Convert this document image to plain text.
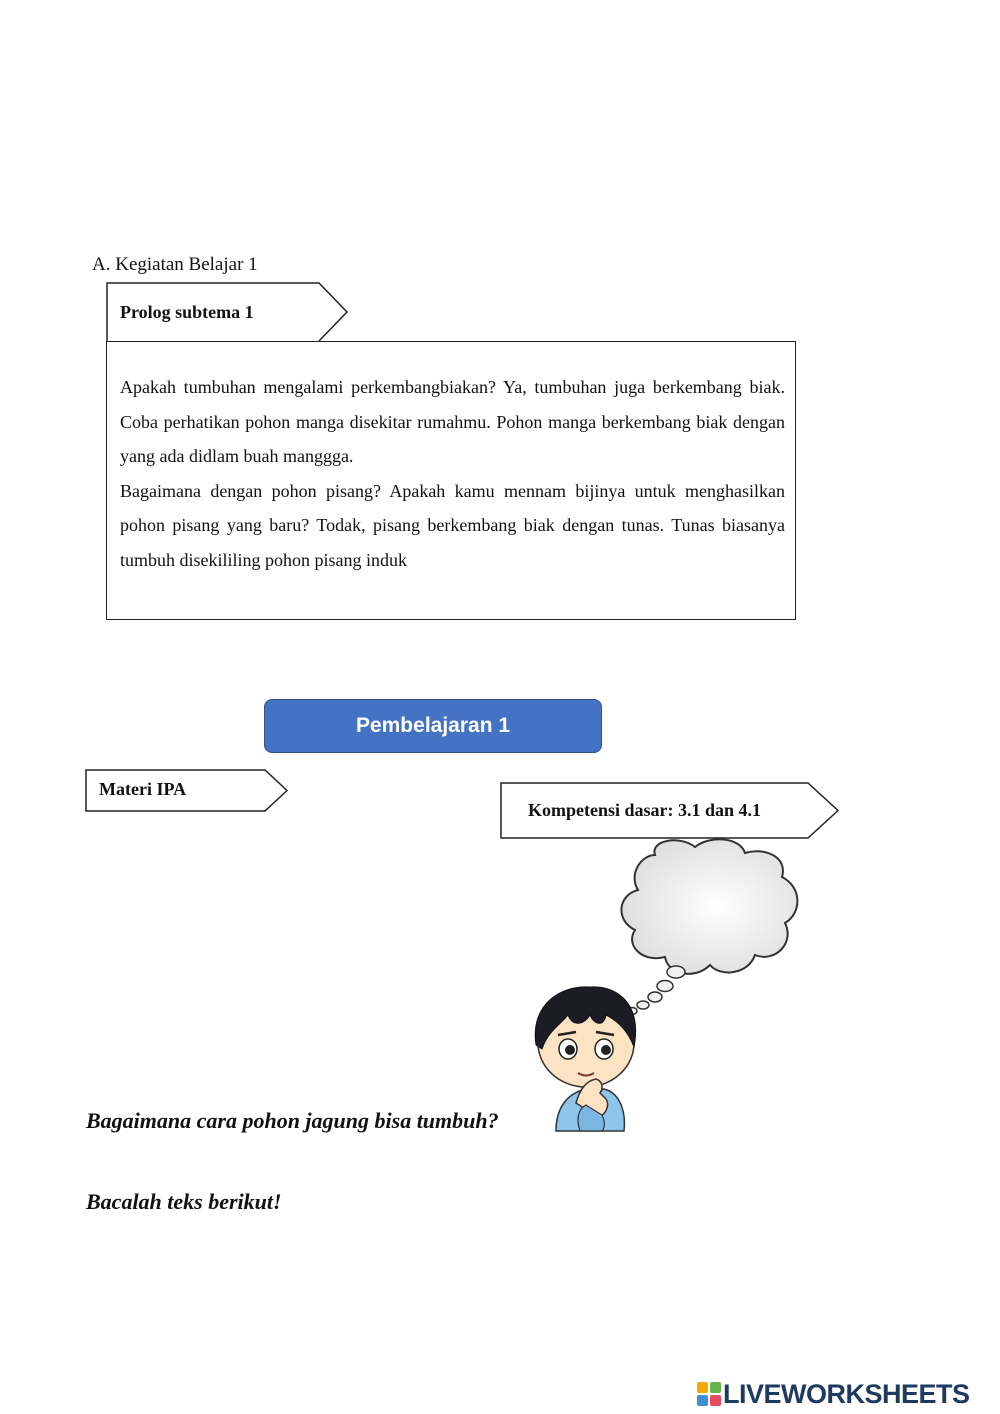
A. Kegiatan Belajar 1
Prolog subtema 1

Apakah tumbuhan mengalami perkembangbiakan? Ya, tumbuhan juga berkembang biak. Coba perhatikan pohon manga disekitar rumahmu. Pohon manga berkembang biak dengan yang ada didlam buah manggga.

Bagaimana dengan pohon pisang? Apakah kamu mennam bijinya untuk menghasilkan pohon pisang yang baru? Todak, pisang berkembang biak dengan tunas. Tunas biasanya tumbuh disekililing pohon pisang induk

Pembelajaran 1
Materi IPA
Kompetensi dasar: 3.1 dan 4.1
Bagaimana cara pohon jagung bisa tumbuh?
Bacalah teks berikut!
LIVEWORKSHEETS
